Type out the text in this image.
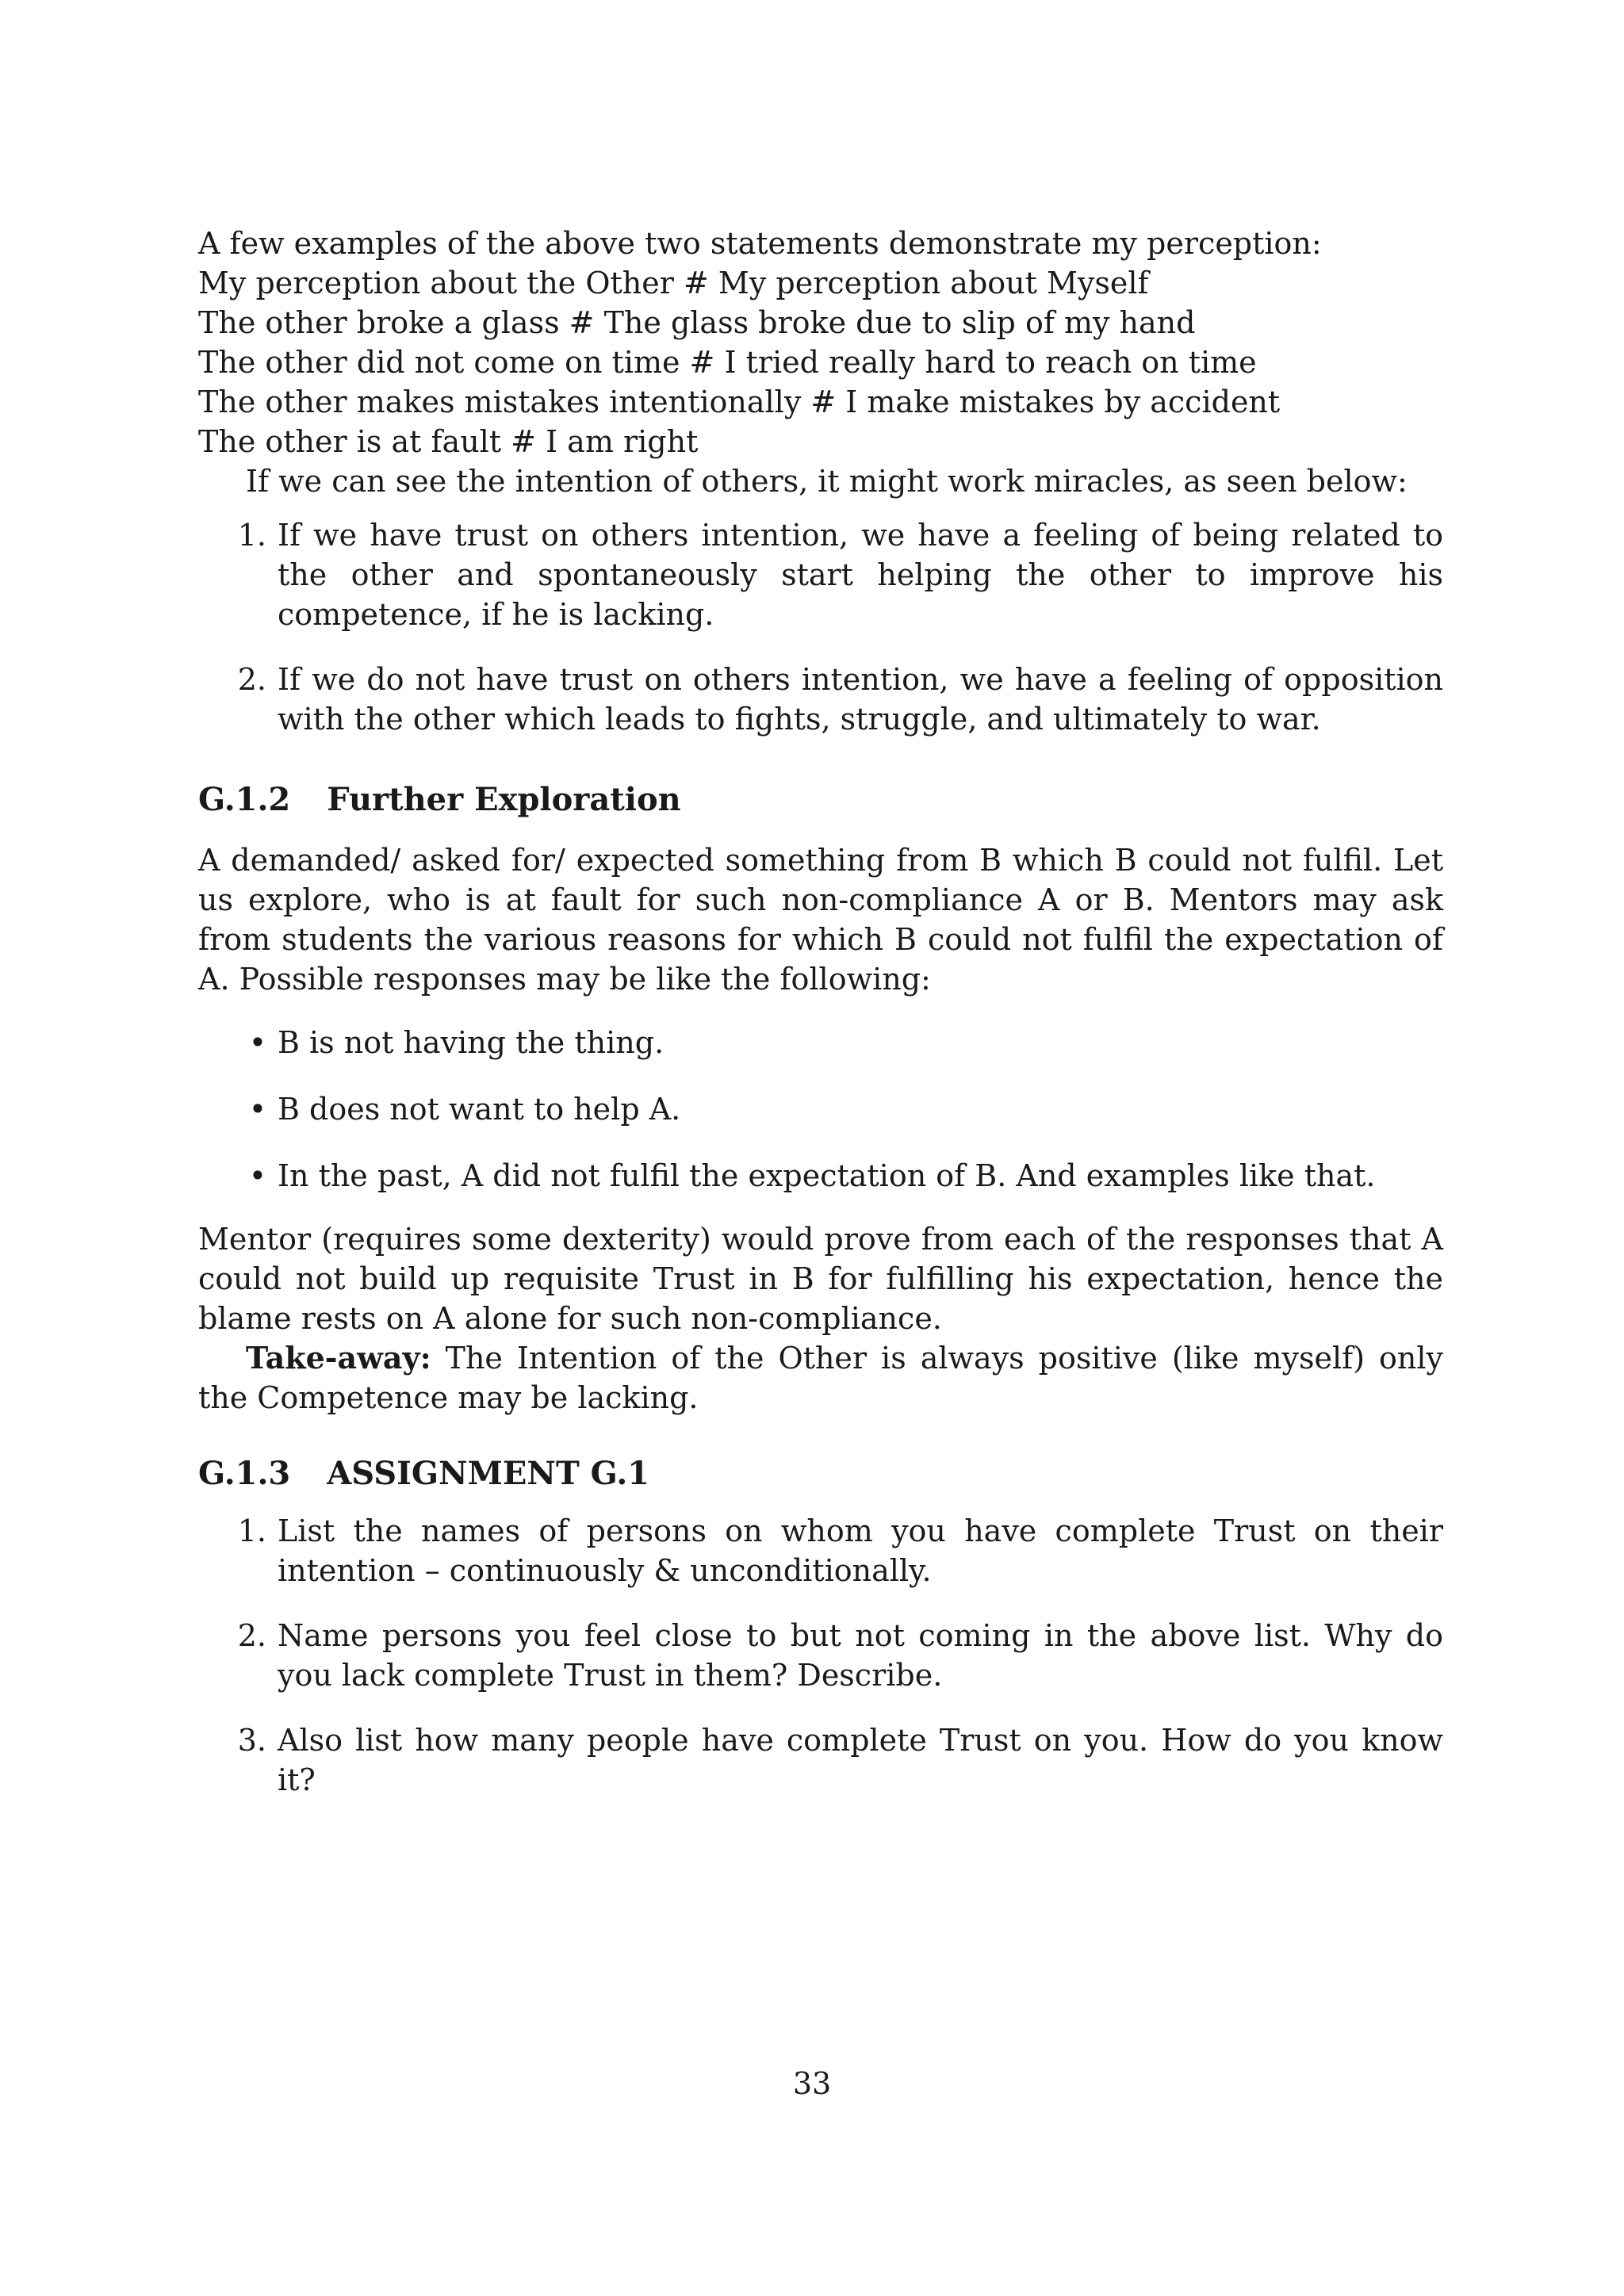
A few examples of the above two statements demonstrate my perception:
My perception about the Other # My perception about Myself
The other broke a glass # The glass broke due to slip of my hand
The other did not come on time # I tried really hard to reach on time
The other makes mistakes intentionally # I make mistakes by accident
The other is at fault # I am right
If we can see the intention of others, it might work miracles, as seen below:
1. If we have trust on others intention, we have a feeling of being related to the other and spontaneously start helping the other to improve his competence, if he is lacking.
2. If we do not have trust on others intention, we have a feeling of opposition with the other which leads to fights, struggle, and ultimately to war.
G.1.2 Further Exploration

A demanded/ asked for/ expected something from B which B could not fulfil. Let us explore, who is at fault for such non-compliance A or B. Mentors may ask from students the various reasons for which B could not fulfil the expectation of A. Possible responses may be like the following:

• B is not having the thing.
• B does not want to help A.
• In the past, A did not fulfil the expectation of B. And examples like that.

Mentor (requires some dexterity) would prove from each of the responses that A could not build up requisite Trust in B for fulfilling his expectation, hence the blame rests on A alone for such non-compliance.

Take-away: The Intention of the Other is always positive (like myself) only the Competence may be lacking.

G.1.3 ASSIGNMENT G.1
1. List the names of persons on whom you have complete Trust on their intention – continuously & unconditionally.
2. Name persons you feel close to but not coming in the above list. Why do you lack complete Trust in them? Describe.
3. Also list how many people have complete Trust on you. How do you know it?
33
